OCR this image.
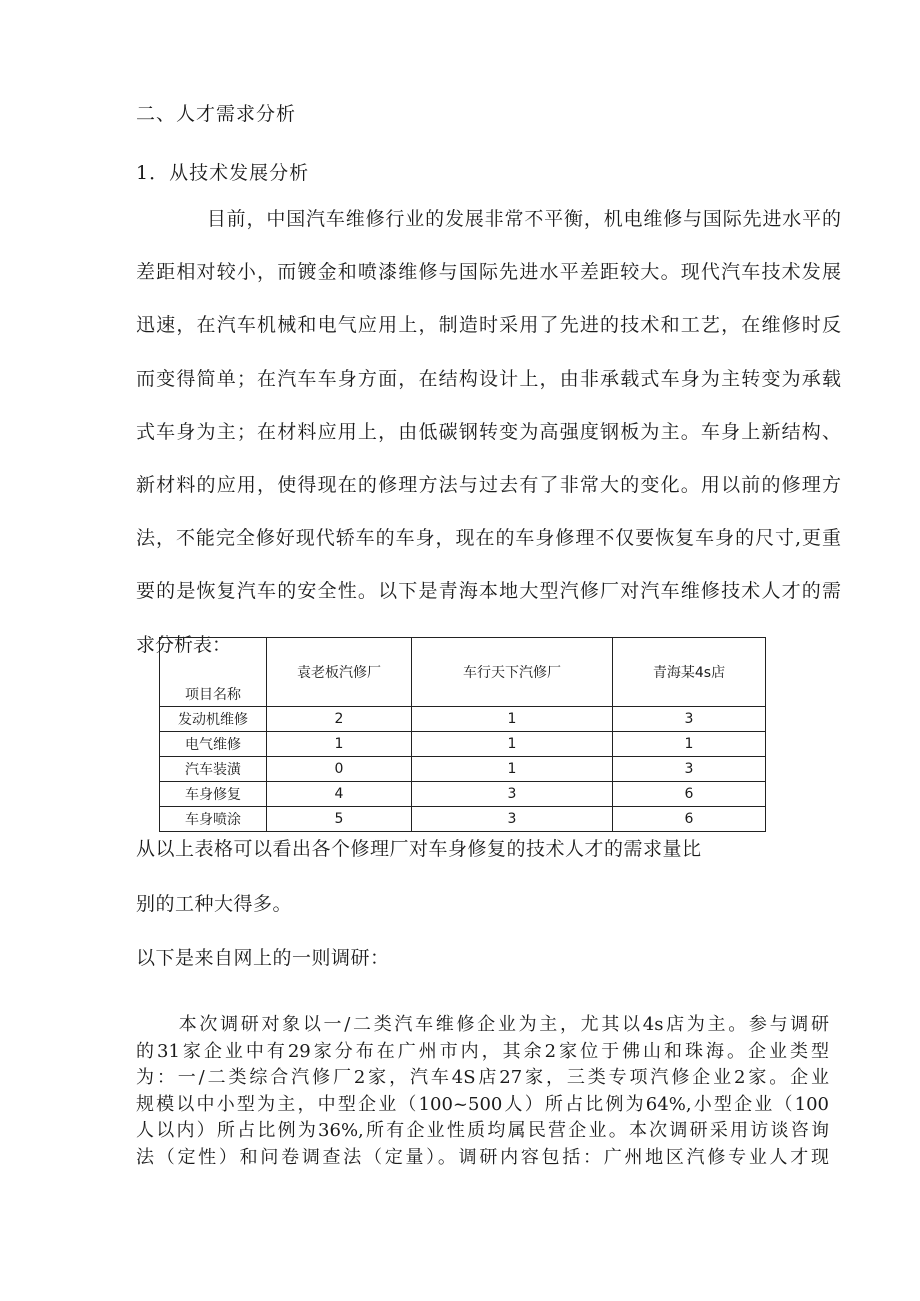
二、人才需求分析
1．从技术发展分析
目前，中国汽车维修行业的发展非常不平衡，机电维修与国际先进水平的
差距相对较小，而镀金和喷漆维修与国际先进水平差距较大。现代汽车技术发展
迅速，在汽车机械和电气应用上，制造时采用了先进的技术和工艺，在维修时反
而变得简单；在汽车车身方面，在结构设计上，由非承载式车身为主转变为承载
式车身为主；在材料应用上，由低碳钢转变为高强度钢板为主。车身上新结构、
新材料的应用，使得现在的修理方法与过去有了非常大的变化。用以前的修理方
法，不能完全修好现代轿车的车身，现在的车身修理不仅要恢复车身的尺寸,更重
要的是恢复汽车的安全性。以下是青海本地大型汽修厂对汽车维修技术人才的需
求分析表：
项目名称	袁老板汽修厂	车行天下汽修厂	青海某4s店
发动机维修	2	1	3
电气维修	1	1	1
汽车装潢	0	1	3
车身修复	4	3	6
车身喷涂	5	3	6
从以上表格可以看出各个修理厂对车身修复的技术人才的需求量比
别的工种大得多。
以下是来自网上的一则调研：
本次调研对象以一/二类汽车维修企业为主，尤其以4s店为主。参与调研
的31家企业中有29家分布在广州市内，其余2家位于佛山和珠海。企业类型
为：一/二类综合汽修厂2家，汽车4S店27家，三类专项汽修企业2家。企业
规模以中小型为主，中型企业（100~500人）所占比例为64%,小型企业（100
人以内）所占比例为36%,所有企业性质均属民营企业。本次调研采用访谈咨询
法（定性）和问卷调查法（定量）。调研内容包括：广州地区汽修专业人才现
